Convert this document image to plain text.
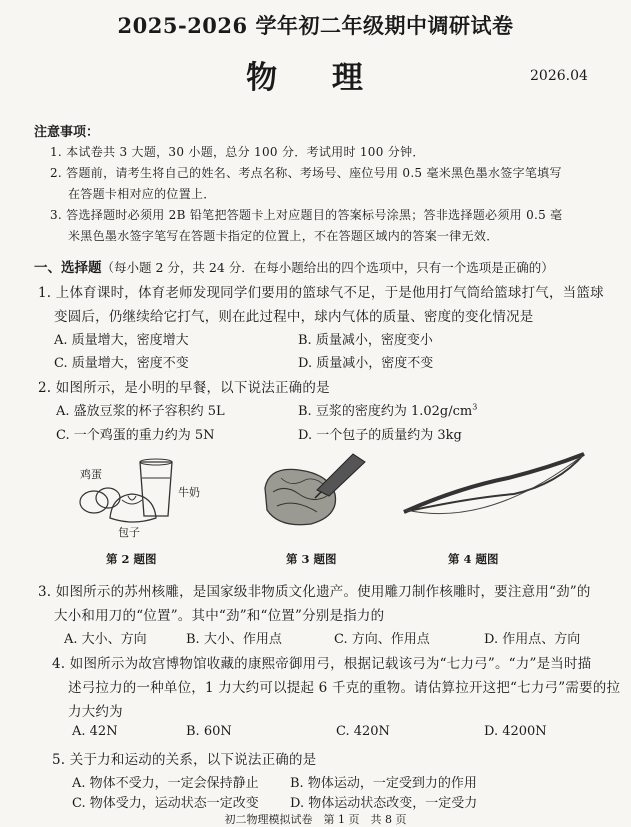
2025-2026 学年初二年级期中调研试卷
物 理	2026.04
注意事项：
1. 本试卷共 3 大题，30 小题，总分 100 分．考试用时 100 分钟．
2. 答题前，请考生将自己的姓名、考点名称、考场号、座位号用 0.5 毫米黑色墨水签字笔填写
在答题卡相对应的位置上．
3. 答选择题时必须用 2B 铅笔把答题卡上对应题目的答案标号涂黑；答非选择题必须用 0.5 毫
米黑色墨水签字笔写在答题卡指定的位置上，不在答题区域内的答案一律无效．
一、选择题（每小题 2 分，共 24 分．在每小题给出的四个选项中，只有一个选项是正确的）
1. 上体育课时，体育老师发现同学们要用的篮球气不足，于是他用打气筒给篮球打气，当篮球
变圆后，仍继续给它打气，则在此过程中，球内气体的质量、密度的变化情况是
A. 质量增大，密度增大	B. 质量减小，密度变小
C. 质量增大，密度不变	D. 质量减小，密度不变
2. 如图所示，是小明的早餐，以下说法正确的是
A. 盛放豆浆的杯子容积约 5L	B. 豆浆的密度约为 $1.02g/cm^3$
C. 一个鸡蛋的重力约为 5N	D. 一个包子的质量约为 3kg
鸡蛋
牛奶
包子
第 2 题图	第 3 题图	第 4 题图
3. 如图所示的苏州核雕，是国家级非物质文化遗产。使用雕刀制作核雕时，要注意用“劲”的
大小和用刀的“位置”。其中“劲”和“位置”分别是指力的
A. 大小、方向	B. 大小、作用点	C. 方向、作用点	D. 作用点、方向
4. 如图所示为故宫博物馆收藏的康熙帝御用弓，根据记载该弓为“七力弓”。“力”是当时描
述弓拉力的一种单位，1 力大约可以提起 6 千克的重物。请估算拉开这把“七力弓”需要的拉
力大约为
A. 42N	B. 60N	C. 420N	D. 4200N
5. 关于力和运动的关系，以下说法正确的是
A. 物体不受力，一定会保持静止 B. 物体运动，一定受到力的作用
C. 物体受力，运动状态一定改变 D. 物体运动状态改变，一定受力
初二物理模拟试卷　第 1 页　共 8 页
